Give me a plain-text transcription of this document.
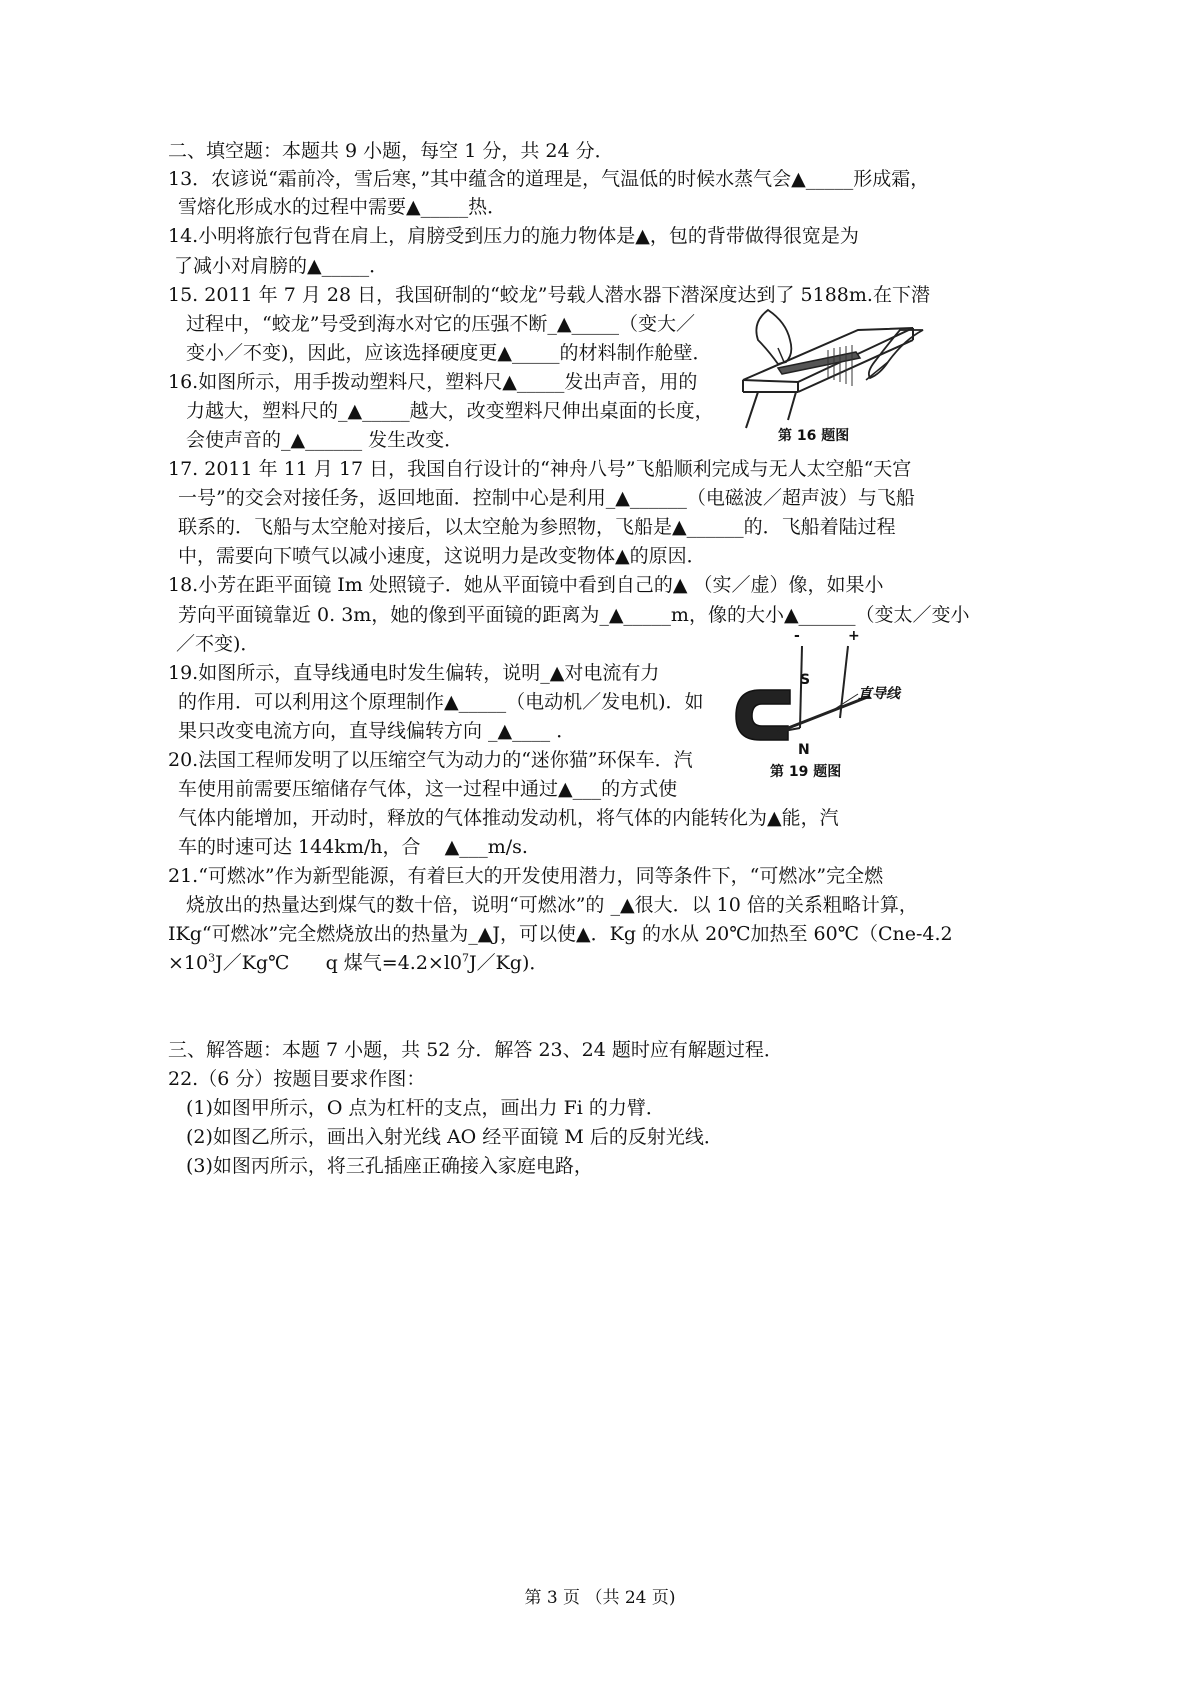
二、填空题：本题共 9 小题，每空 1 分，共 24 分．
13．农谚说“霜前冷，雪后寒，”其中蕴含的道理是，气温低的时候水蒸气会▲_____形成霜，
雪熔化形成水的过程中需要▲_____热．
14.小明将旅行包背在肩上，肩膀受到压力的施力物体是▲，包的背带做得很宽是为
了减小对肩膀的▲_____．
15. 2011 年 7 月 28 日，我国研制的“蛟龙”号载人潜水器下潜深度达到了 5188m.在下潜
过程中，“蛟龙”号受到海水对它的压强不断_▲_____（变大／
变小／不变)，因此，应该选择硬度更▲_____的材料制作舱壁．
16.如图所示，用手拨动塑料尺，塑料尺▲_____发出声音，用的
力越大，塑料尺的_▲_____越大，改变塑料尺伸出桌面的长度，
会使声音的_▲______ 发生改变．	第 16 题图
17. 2011 年 11 月 17 日，我国自行设计的“神舟八号”飞船顺利完成与无人太空船“天宫
一号”的交会对接任务，返回地面．控制中心是利用_▲______（电磁波／超声波）与飞船
联系的．飞船与太空舱对接后，以太空舱为参照物，飞船是▲______的．飞船着陆过程
中，需要向下喷气以减小速度，这说明力是改变物体▲的原因．
18.小芳在距平面镜 Im 处照镜子．她从平面镜中看到自己的▲ （实／虚）像，如果小
芳向平面镜靠近 0. 3m，她的像到平面镜的距离为_▲_____m，像的大小▲______（变太／变小
／不变)．
19.如图所示，直导线通电时发生偏转，说明_▲对电流有力
的作用．可以利用这个原理制作▲_____（电动机／发电机)．如
果只改变电流方向，直导线偏转方向 _▲____ ．
-	+
S
直导线
N
第 19 题图
20.法国工程师发明了以压缩空气为动力的“迷你猫”环保车．汽
车使用前需要压缩储存气体，这一过程中通过▲___的方式使
气体内能增加，开动时，释放的气体推动发动机，将气体的内能转化为▲能，汽
车的时速可达 144km/h，合    ▲___m/s.
21.“可燃冰”作为新型能源，有着巨大的开发使用潜力，同等条件下，“可燃冰”完全燃
烧放出的热量达到煤气的数十倍，说明“可燃冰”的 _▲很大．以 10 倍的关系粗略计算，
IKg“可燃冰”完全燃烧放出的热量为_▲J，可以使▲．Kg 的水从 20℃加热至 60℃（Cne-4.2
$\times 10^3J/Kg℃$      q 煤气$=4.2\times l0^7J/Kg$)．
三、解答题：本题 7 小题，共 52 分．解答 23、24 题时应有解题过程．
22.（6 分）按题目要求作图：
(1)如图甲所示，O 点为杠杆的支点，画出力 Fi 的力臂．
(2)如图乙所示，画出入射光线 AO 经平面镜 M 后的反射光线．
(3)如图丙所示，将三孔插座正确接入家庭电路，
第 3 页 （共 24 页)
